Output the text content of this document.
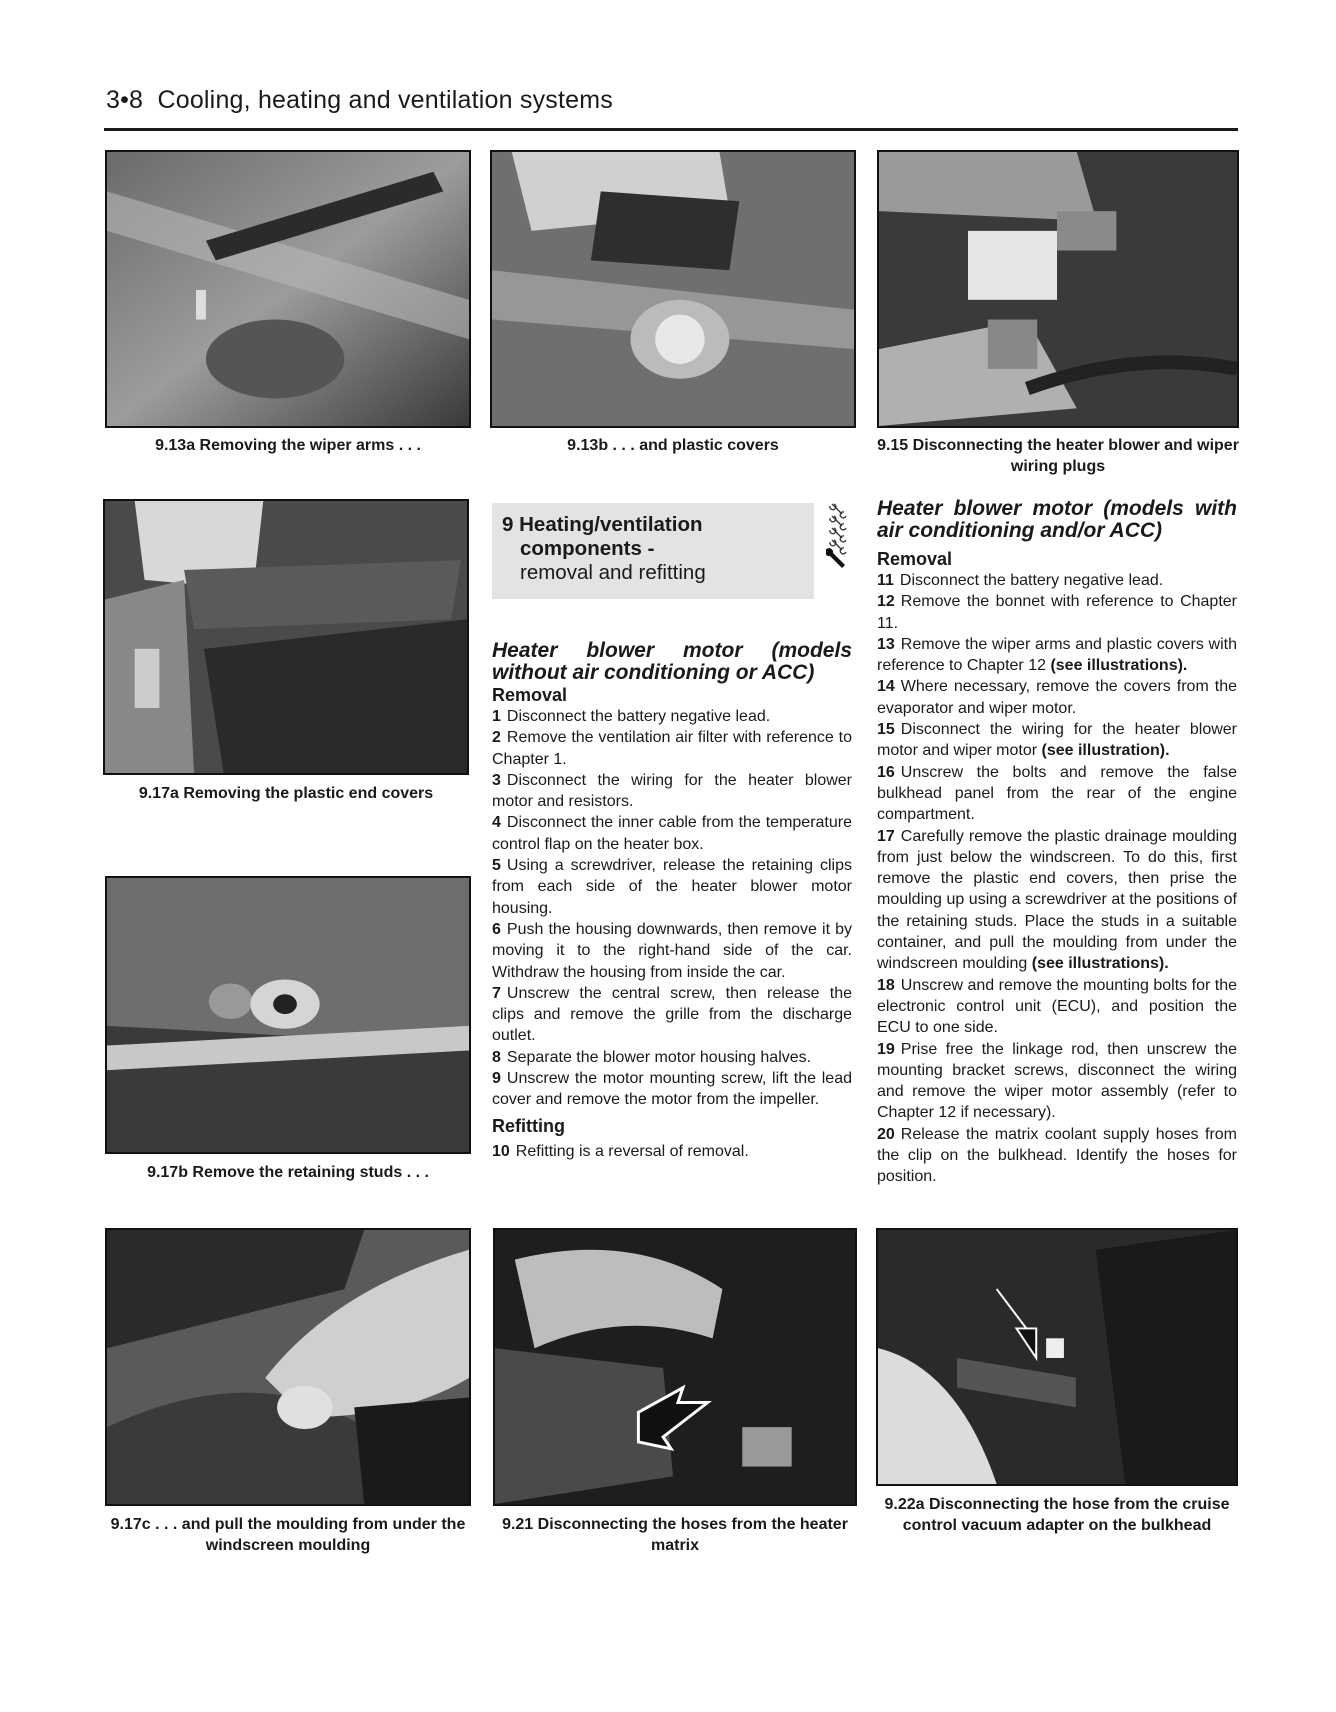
3•8 Cooling, heating and ventilation systems
9.13a Removing the wiper arms . . .	9.13b . . . and plastic covers	9.15 Disconnecting the heater blower and wiper wiring plugs
9.17a Removing the plastic end covers
9.17b Remove the retaining studs . . .
9 Heating/ventilation
components -
removal and refitting

Heater blower motor (models without air conditioning or ACC)

Removal

1 Disconnect the battery negative lead.

2 Remove the ventilation air filter with reference to Chapter 1.

3 Disconnect the wiring for the heater blower motor and resistors.

4 Disconnect the inner cable from the temperature control flap on the heater box.

5 Using a screwdriver, release the retaining clips from each side of the heater blower motor housing.

6 Push the housing downwards, then remove it by moving it to the right-hand side of the car. Withdraw the housing from inside the car.

7 Unscrew the central screw, then release the clips and remove the grille from the discharge outlet.

8 Separate the blower motor housing halves.

9 Unscrew the motor mounting screw, lift the lead cover and remove the motor from the impeller.

Refitting

10 Refitting is a reversal of removal.

Heater blower motor (models with air conditioning and/or ACC)

Removal

11 Disconnect the battery negative lead.

12 Remove the bonnet with reference to Chapter 11.

13 Remove the wiper arms and plastic covers with reference to Chapter 12 (see illustrations).

14 Where necessary, remove the covers from the evaporator and wiper motor.

15 Disconnect the wiring for the heater blower motor and wiper motor (see illustration).

16 Unscrew the bolts and remove the false bulkhead panel from the rear of the engine compartment.

17 Carefully remove the plastic drainage moulding from just below the windscreen. To do this, first remove the plastic end covers, then prise the moulding up using a screwdriver at the positions of the retaining studs. Place the studs in a suitable container, and pull the moulding from under the windscreen moulding (see illustrations).

18 Unscrew and remove the mounting bolts for the electronic control unit (ECU), and position the ECU to one side.

19 Prise free the linkage rod, then unscrew the mounting bracket screws, disconnect the wiring and remove the wiper motor assembly (refer to Chapter 12 if necessary).

20 Release the matrix coolant supply hoses from the clip on the bulkhead. Identify the hoses for position.

9.17c . . . and pull the moulding from under the windscreen moulding
9.21 Disconnecting the hoses from the heater matrix
9.22a Disconnecting the hose from the cruise control vacuum adapter on the bulkhead
